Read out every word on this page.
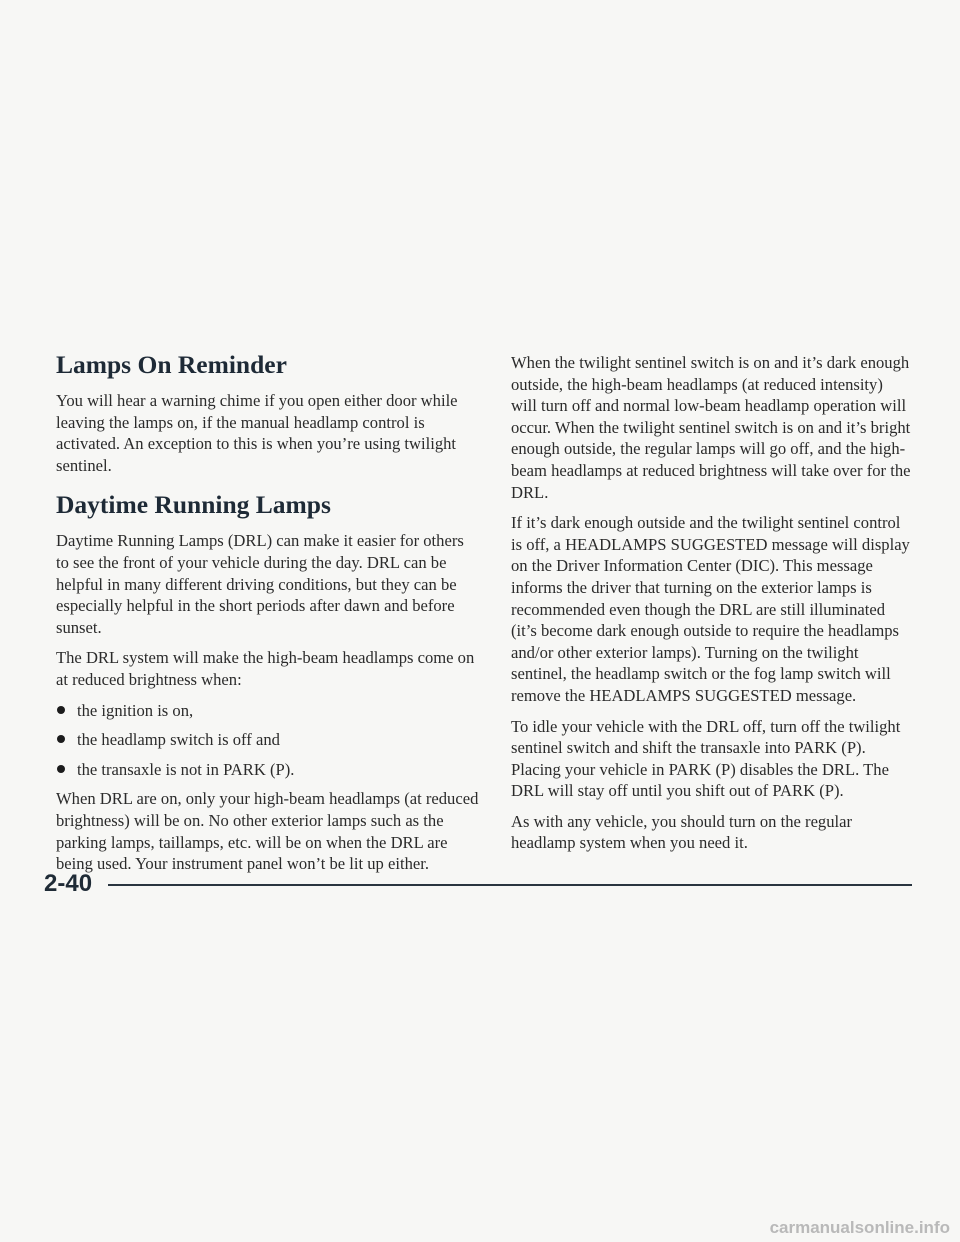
Lamps On Reminder

You will hear a warning chime if you open either door while leaving the lamps on, if the manual headlamp control is activated. An exception to this is when you’re using twilight sentinel.

Daytime Running Lamps

Daytime Running Lamps (DRL) can make it easier for others to see the front of your vehicle during the day. DRL can be helpful in many different driving conditions, but they can be especially helpful in the short periods after dawn and before sunset.

The DRL system will make the high-beam headlamps come on at reduced brightness when:

the ignition is on,
the headlamp switch is off and
the transaxle is not in PARK (P).

When DRL are on, only your high-beam headlamps (at reduced brightness) will be on. No other exterior lamps such as the parking lamps, taillamps, etc. will be on when the DRL are being used. Your instrument panel won’t be lit up either.

When the twilight sentinel switch is on and it’s dark enough outside, the high-beam headlamps (at reduced intensity) will turn off and normal low-beam headlamp operation will occur. When the twilight sentinel switch is on and it’s bright enough outside, the regular lamps will go off, and the high-beam headlamps at reduced brightness will take over for the DRL.

If it’s dark enough outside and the twilight sentinel control is off, a HEADLAMPS SUGGESTED message will display on the Driver Information Center (DIC). This message informs the driver that turning on the exterior lamps is recommended even though the DRL are still illuminated (it’s become dark enough outside to require the headlamps and/or other exterior lamps). Turning on the twilight sentinel, the headlamp switch or the fog lamp switch will remove the HEADLAMPS SUGGESTED message.

To idle your vehicle with the DRL off, turn off the twilight sentinel switch and shift the transaxle into PARK (P). Placing your vehicle in PARK (P) disables the DRL. The DRL will stay off until you shift out of PARK (P).

As with any vehicle, you should turn on the regular headlamp system when you need it.

2-40
carmanualsonline.info
